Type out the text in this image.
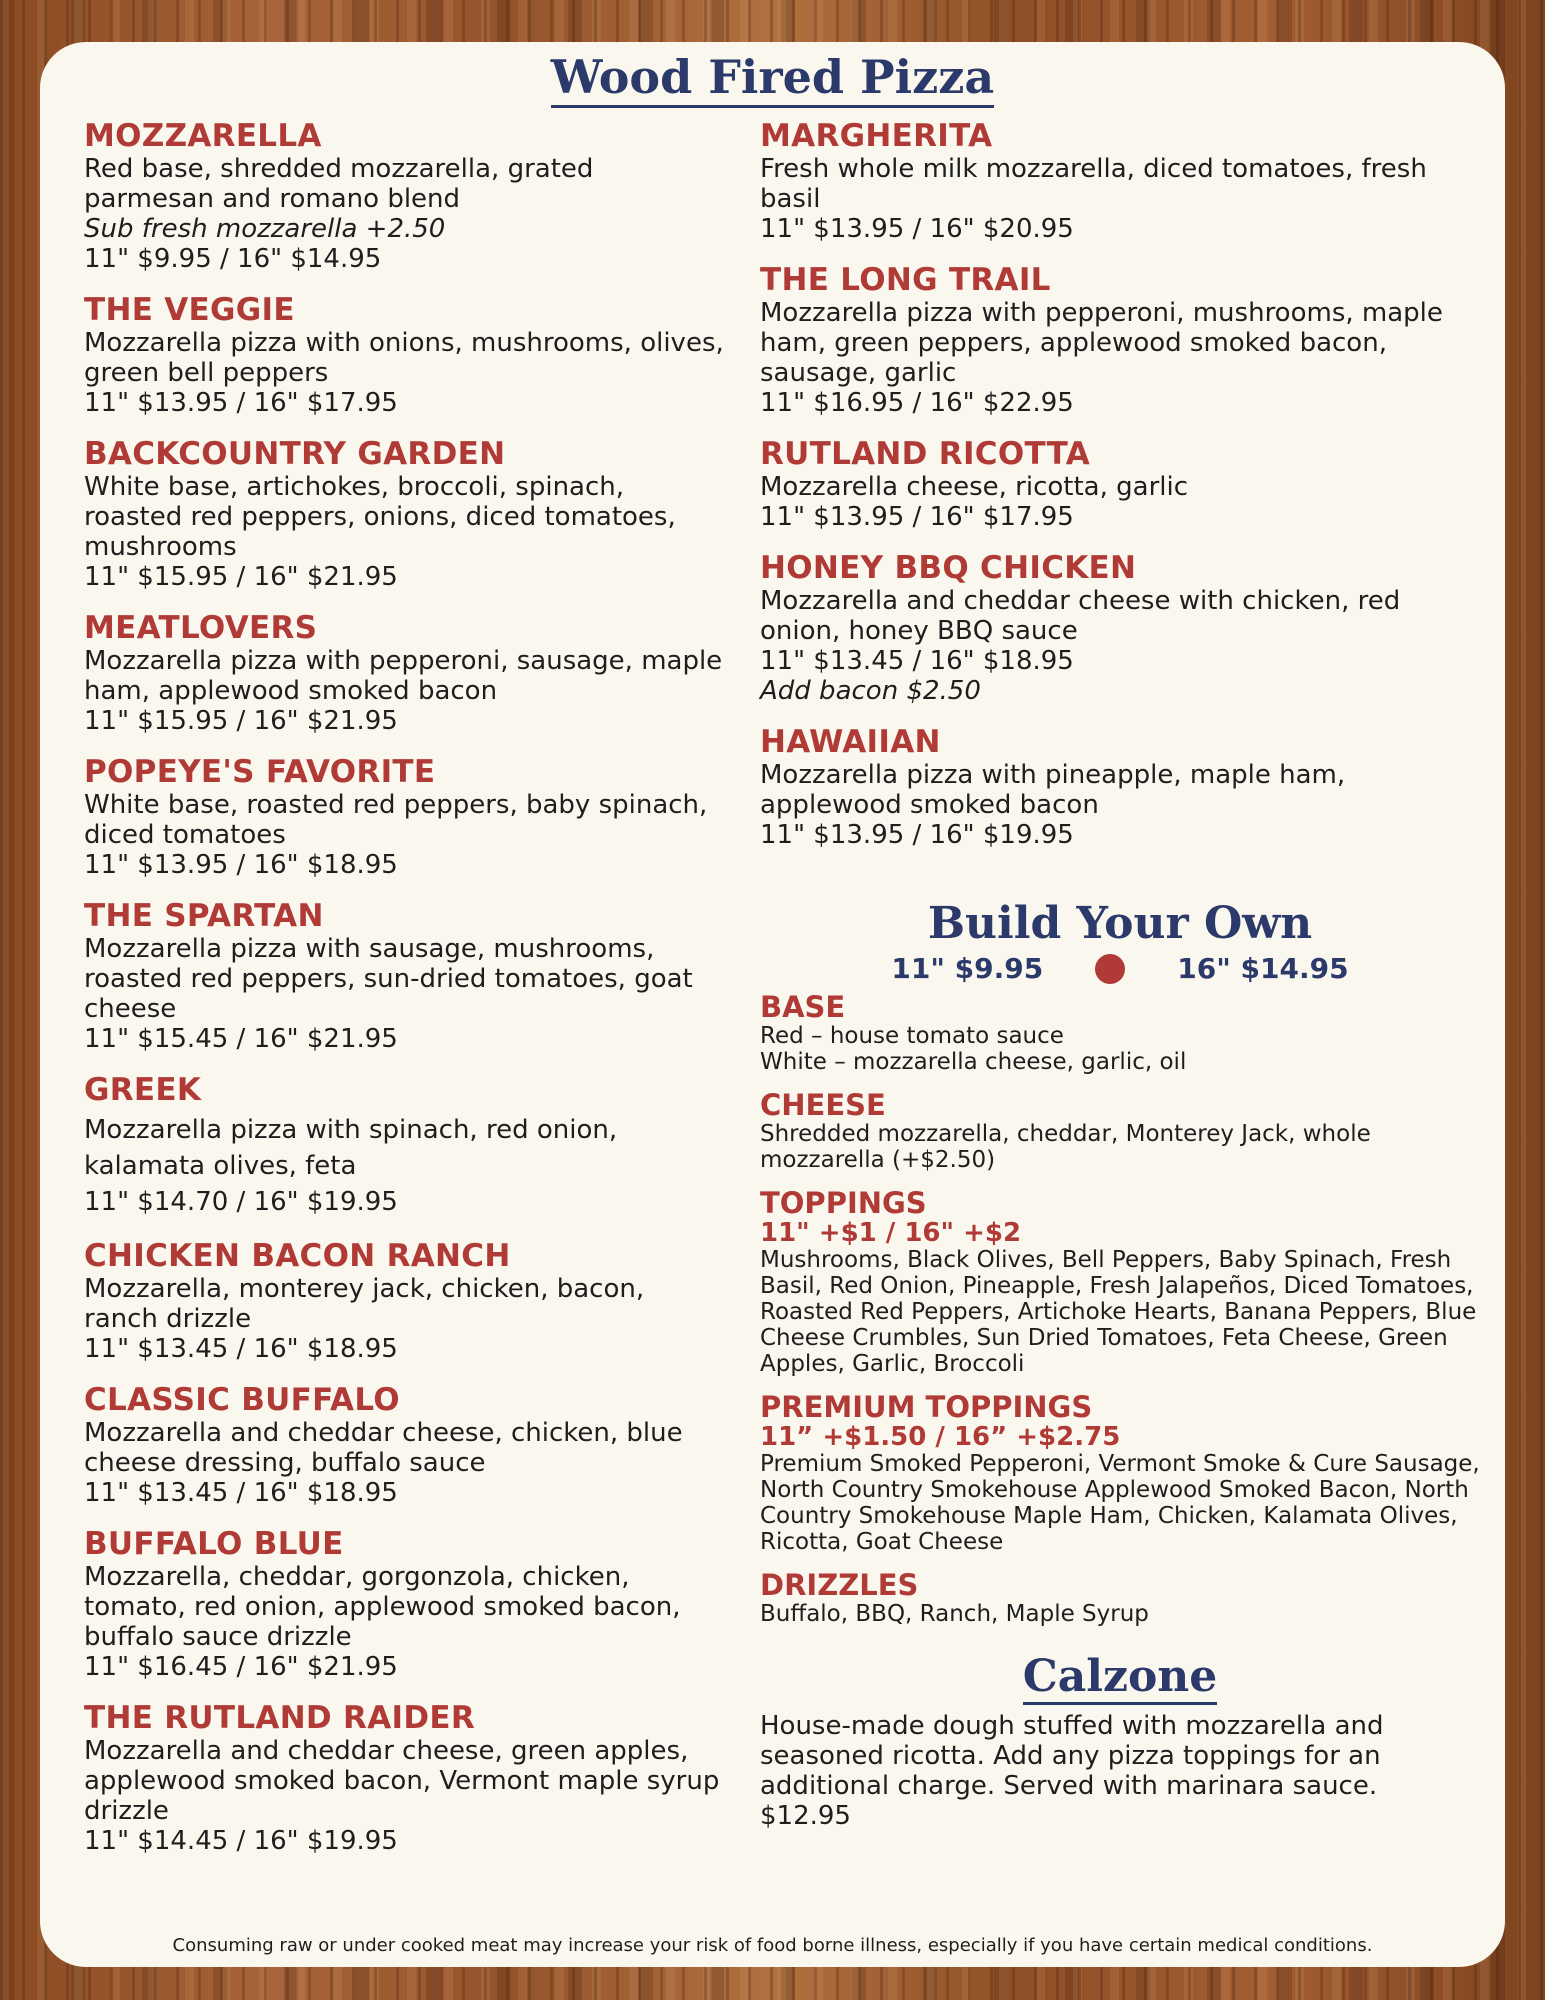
Wood Fired Pizza
MOZZARELLA
Red base, shredded mozzarella, grated parmesan and romano blend
Sub fresh mozzarella +2.50
11" $9.95 / 16" $14.95
THE VEGGIE
Mozzarella pizza with onions, mushrooms, olives, green bell peppers
11" $13.95 / 16" $17.95
BACKCOUNTRY GARDEN
White base, artichokes, broccoli, spinach, roasted red peppers, onions, diced tomatoes, mushrooms
11" $15.95 / 16" $21.95
MEATLOVERS
Mozzarella pizza with pepperoni, sausage, maple ham, applewood smoked bacon
11" $15.95 / 16" $21.95
POPEYE'S FAVORITE
White base, roasted red peppers, baby spinach, diced tomatoes
11" $13.95 / 16" $18.95
THE SPARTAN
Mozzarella pizza with sausage, mushrooms, roasted red peppers, sun-dried tomatoes, goat cheese
11" $15.45 / 16" $21.95
GREEK
Mozzarella pizza with spinach, red onion, kalamata olives, feta
11" $14.70 / 16" $19.95
CHICKEN BACON RANCH
Mozzarella, monterey jack, chicken, bacon, ranch drizzle
11" $13.45 / 16" $18.95
CLASSIC BUFFALO
Mozzarella and cheddar cheese, chicken, blue cheese dressing, buffalo sauce
11" $13.45 / 16" $18.95
BUFFALO BLUE
Mozzarella, cheddar, gorgonzola, chicken, tomato, red onion, applewood smoked bacon, buffalo sauce drizzle
11" $16.45 / 16" $21.95
THE RUTLAND RAIDER
Mozzarella and cheddar cheese, green apples, applewood smoked bacon, Vermont maple syrup drizzle
11" $14.45 / 16" $19.95
MARGHERITA
Fresh whole milk mozzarella, diced tomatoes, fresh basil
11" $13.95 / 16" $20.95
THE LONG TRAIL
Mozzarella pizza with pepperoni, mushrooms, maple ham, green peppers, applewood smoked bacon, sausage, garlic
11" $16.95 / 16" $22.95
RUTLAND RICOTTA
Mozzarella cheese, ricotta, garlic
11" $13.95 / 16" $17.95
HONEY BBQ CHICKEN
Mozzarella and cheddar cheese with chicken, red onion, honey BBQ sauce
11" $13.45 / 16" $18.95
Add bacon $2.50
HAWAIIAN
Mozzarella pizza with pineapple, maple ham, applewood smoked bacon
11" $13.95 / 16" $19.95
Build Your Own
11" $9.95	16" $14.95
BASE
Red – house tomato sauce
White – mozzarella cheese, garlic, oil
CHEESE
Shredded mozzarella, cheddar, Monterey Jack, whole mozzarella (+$2.50)
TOPPINGS
11" +$1 / 16" +$2
Mushrooms, Black Olives, Bell Peppers, Baby Spinach, Fresh Basil, Red Onion, Pineapple, Fresh Jalapeños, Diced Tomatoes, Roasted Red Peppers, Artichoke Hearts, Banana Peppers, Blue Cheese Crumbles, Sun Dried Tomatoes, Feta Cheese, Green Apples, Garlic, Broccoli
PREMIUM TOPPINGS
11” +$1.50 / 16” +$2.75
Premium Smoked Pepperoni, Vermont Smoke & Cure Sausage, North Country Smokehouse Applewood Smoked Bacon, North Country Smokehouse Maple Ham, Chicken, Kalamata Olives, Ricotta, Goat Cheese
DRIZZLES
Buffalo, BBQ, Ranch, Maple Syrup
Calzone
House-made dough stuffed with mozzarella and seasoned ricotta. Add any pizza toppings for an additional charge. Served with marinara sauce.
$12.95
Consuming raw or under cooked meat may increase your risk of food borne illness, especially if you have certain medical conditions.
